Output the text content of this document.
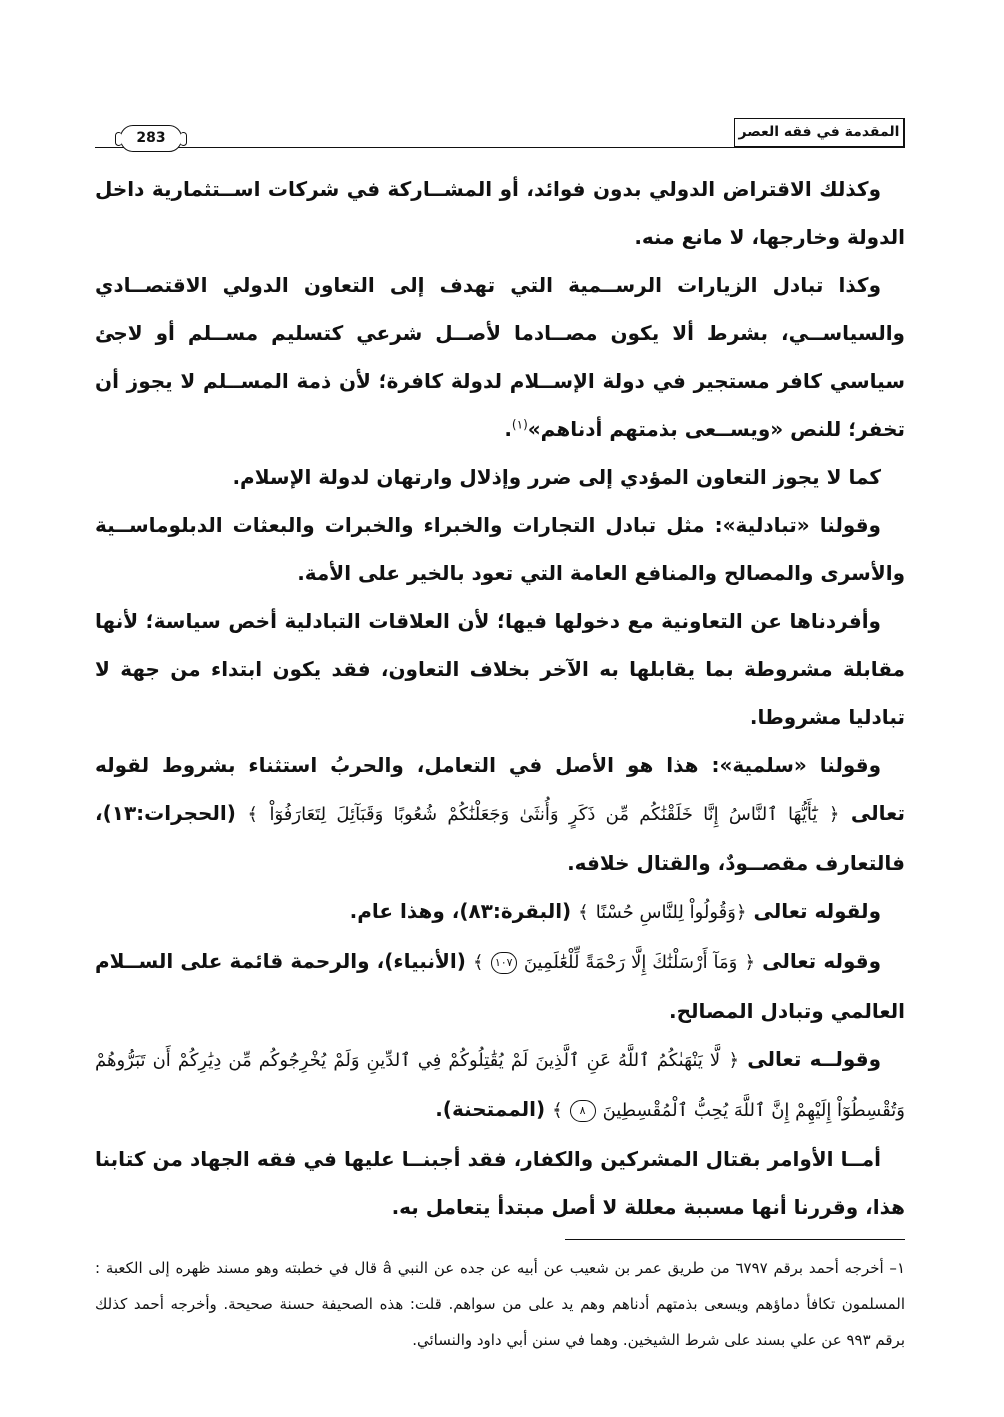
المقدمة في فقه العصر
283

وكذلك الاقتراض الدولي بدون فوائد، أو المشــاركة في شركات اســتثمارية داخل الدولة وخارجها، لا مانع منه.

وكذا تبادل الزيارات الرســمية التي تهدف إلى التعاون الدولي الاقتصــادي والسياســي، بشرط ألا يكون مصــادما لأصــل شرعي كتسليم مســلم أو لاجئ سياسي كافر مستجير في دولة الإســلام لدولة كافرة؛ لأن ذمة المســلم لا يجوز أن تخفر؛ للنص «ويســعى بذمتهم أدناهم»$^{(١)}$.

كما لا يجوز التعاون المؤدي إلى ضرر وإذلال وارتهان لدولة الإسلام.

وقولنا «تبادلية»: مثل تبادل التجارات والخبراء والخبرات والبعثات الدبلوماســية والأسرى والمصالح والمنافع العامة التي تعود بالخير على الأمة.

وأفردناها عن التعاونية مع دخولها فيها؛ لأن العلاقات التبادلية أخص سياسة؛ لأنها مقابلة مشروطة بما يقابلها به الآخر بخلاف التعاون، فقد يكون ابتداء من جهة لا تبادليا مشروطا.

وقولنا «سلمية»: هذا هو الأصل في التعامل، والحربُ استثناء بشروط لقوله تعالى ﴿ يَٰٓأَيُّهَا ٱلنَّاسُ إِنَّا خَلَقْنَٰكُم مِّن ذَكَرٍ وَأُنثَىٰ وَجَعَلْنَٰكُمْ شُعُوبًا وَقَبَآئِلَ لِتَعَارَفُوٓاْ ﴾ (الحجرات:١٣)، فالتعارف مقصــودٌ، والقتال خلافه.

ولقوله تعالى ﴿وَقُولُواْ لِلنَّاسِ حُسْنًا ﴾ (البقرة:٨٣)، وهذا عام.

وقوله تعالى ﴿ وَمَآ أَرْسَلْنَٰكَ إِلَّا رَحْمَةً لِّلْعَٰلَمِينَ ١٠٧ ﴾ (الأنبياء)، والرحمة قائمة على الســلام العالمي وتبادل المصالح.

وقولــه تعالى ﴿ لَّا يَنْهَىٰكُمُ ٱللَّهُ عَنِ ٱلَّذِينَ لَمْ يُقَٰتِلُوكُمْ فِي ٱلدِّينِ وَلَمْ يُخْرِجُوكُم مِّن دِيَٰرِكُمْ أَن تَبَرُّوهُمْ وَتُقْسِطُوٓاْ إِلَيْهِمْ إِنَّ ٱللَّهَ يُحِبُّ ٱلْمُقْسِطِينَ ٨ ﴾ (الممتحنة).

أمــا الأوامر بقتال المشركين والكفار، فقد أجبنــا عليها في فقه الجهاد من كتابنا هذا، وقررنا أنها مسببة معللة لا أصل مبتدأ يتعامل به.

١– أخرجه أحمد برقم ٦٧٩٧ من طريق عمر بن شعيب عن أبيه عن جده عن النبي â قال في خطبته وهو مسند ظهره إلى الكعبة : المسلمون تكافأ دماؤهم ويسعى بذمتهم أدناهم وهم يد على من سواهم. قلت: هذه الصحيفة حسنة صحيحة. وأخرجه أحمد كذلك برقم ٩٩٣ عن علي بسند على شرط الشيخين. وهما في سنن أبي داود والنسائي.
